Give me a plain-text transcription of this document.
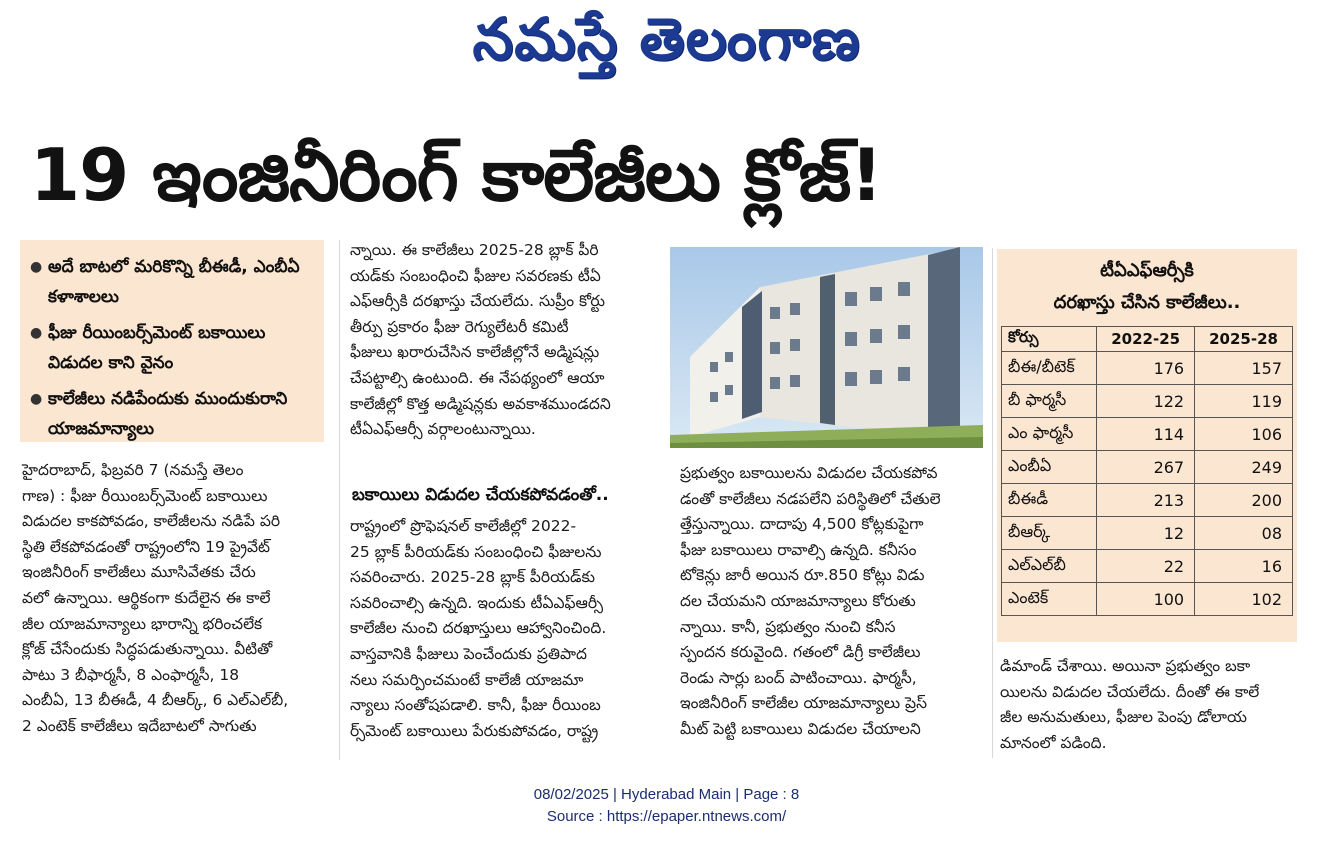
నమస్తే తెలంగాణ
19 ఇంజినీరింగ్ కాలేజీలు క్లోజ్!
● అదే బాటలో మరికొన్ని బీఈడీ, ఎంబీఏ కళాశాలలు
● ఫీజు రీయింబర్స్‌మెంట్ బకాయిలు విడుదల కాని వైనం
● కాలేజీలు నడిపేందుకు ముందుకురాని యాజమాన్యాలు
హైదరాబాద్, ఫిబ్రవరి 7 (నమస్తే తెలం
గాణ) : ఫీజు రీయింబర్స్‌మెంట్ బకాయిలు
విడుదల కాకపోవడం, కాలేజీలను నడిపే పరి
స్థితి లేకపోవడంతో రాష్ట్రంలోని 19 ప్రైవేట్
ఇంజినీరింగ్ కాలేజీలు మూసివేతకు చేరు
వలో ఉన్నాయి. ఆర్థికంగా కుదేలైన ఈ కాలే
జీల యాజమాన్యాలు భారాన్ని భరించలేక
క్లోజ్ చేసేందుకు సిద్ధపడుతున్నాయి. వీటితో
పాటు 3 బీఫార్మసీ, 8 ఎంఫార్మసీ, 18
ఎంబీఏ, 13 బీఈడీ, 4 బీఆర్క్, 6 ఎల్ఎల్‌బీ,
2 ఎంటెక్ కాలేజీలు ఇదేబాటలో సాగుతు
న్నాయి. ఈ కాలేజీలు 2025-28 బ్లాక్ పీరి
యడ్‌కు సంబంధించి ఫీజుల సవరణకు టీఏ
ఎఫ్‌ఆర్సీకి దరఖాస్తు చేయలేదు. సుప్రీం కోర్టు
తీర్పు ప్రకారం ఫీజు రెగ్యులేటరీ కమిటీ
ఫీజులు ఖరారుచేసిన కాలేజీల్లోనే అడ్మిషన్లు
చేపట్టాల్సి ఉంటుంది. ఈ నేపథ్యంలో ఆయా
కాలేజీల్లో కొత్త అడ్మిషన్లకు అవకాశముండదని
టీఏఎఫ్‌ఆర్సీ వర్గాలంటున్నాయి.
బకాయిలు విడుదల చేయకపోవడంతో..
రాష్ట్రంలో ప్రొఫెషనల్ కాలేజీల్లో 2022-
25 బ్లాక్ పీరియడ్‌కు సంబంధించి ఫీజులను
సవరించారు. 2025-28 బ్లాక్ పీరియడ్‌కు
సవరించాల్సి ఉన్నది. ఇందుకు టీఏఎఫ్‌ఆర్సీ
కాలేజీల నుంచి దరఖాస్తులు ఆహ్వానించింది.
వాస్తవానికి ఫీజులు పెంచేందుకు ప్రతిపాద
నలు సమర్పించమంటే కాలేజీ యాజమా
న్యాలు సంతోషపడాలి. కానీ, ఫీజు రీయింబ
ర్స్‌మెంట్ బకాయిలు పేరుకుపోవడం, రాష్ట్ర
ప్రభుత్వం బకాయిలను విడుదల చేయకపోవ
డంతో కాలేజీలు నడపలేని పరిస్థితిలో చేతులె
త్తేస్తున్నాయి. దాదాపు 4,500 కోట్లకుపైగా
ఫీజు బకాయిలు రావాల్సి ఉన్నది. కనీసం
టోకెన్లు జారీ అయిన రూ.850 కోట్లు విడు
దల చేయమని యాజమాన్యాలు కోరుతు
న్నాయి. కానీ, ప్రభుత్వం నుంచి కనీస
స్పందన కరువైంది. గతంలో డిగ్రీ కాలేజీలు
రెండు సార్లు బంద్ పాటించాయి. ఫార్మసీ,
ఇంజినీరింగ్ కాలేజీల యాజమాన్యాలు ప్రెస్
మీట్ పెట్టి బకాయిలు విడుదల చేయాలని
టీఏఎఫ్‌ఆర్సీకి
దరఖాస్తు చేసిన కాలేజీలు..
కోర్సు	2022-25	2025-28
బీఈ/బీటెక్	176	157
బీ ఫార్మసీ	122	119
ఎం ఫార్మసీ	114	106
ఎంబీఏ	267	249
బీఈడీ	213	200
బీఆర్క్	12	08
ఎల్ఎల్‌బీ	22	16
ఎంటెక్	100	102
డిమాండ్ చేశాయి. అయినా ప్రభుత్వం బకా
యిలను విడుదల చేయలేదు. దీంతో ఈ కాలే
జీల అనుమతులు, ఫీజుల పెంపు డోలాయ
మానంలో పడింది.
08/02/2025 | Hyderabad Main | Page : 8
Source : https://epaper.ntnews.com/
